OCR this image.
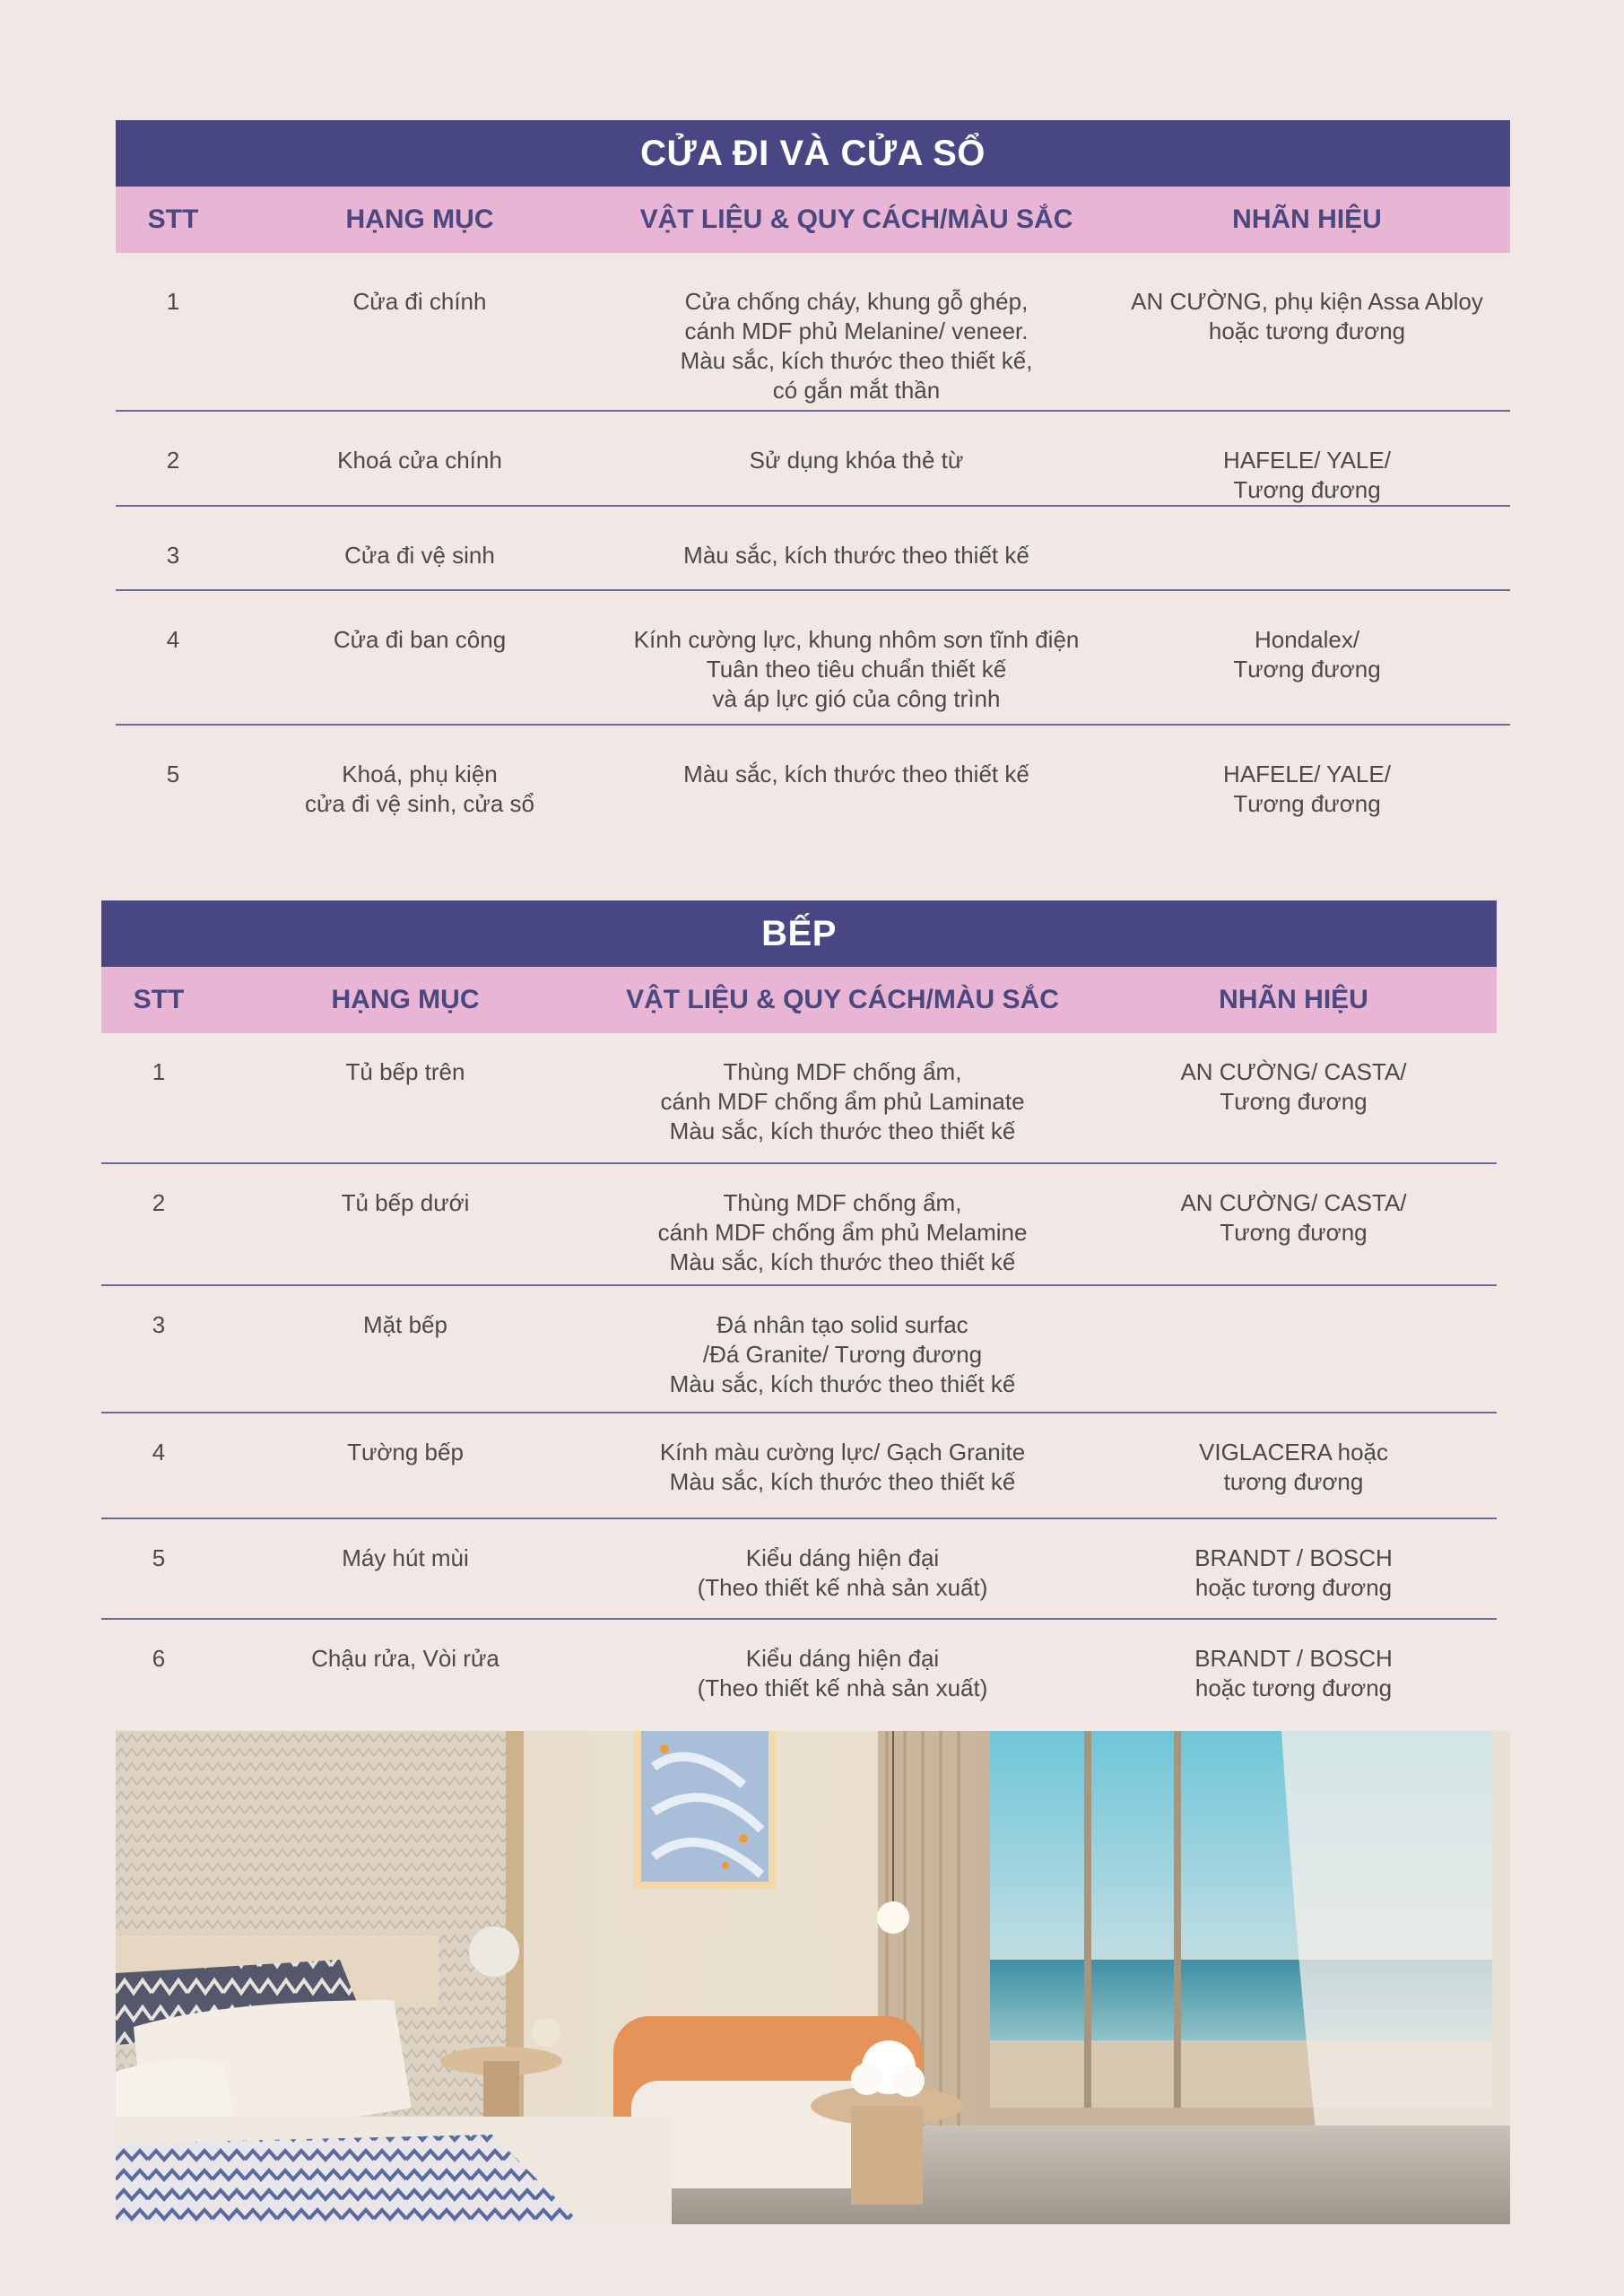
CỬA ĐI VÀ CỬA SỔ			
STT	HẠNG MỤC	VẬT LIỆU & QUY CÁCH/MÀU SẮC	NHÃN HIỆU
1	Cửa đi chính	Cửa chống cháy, khung gỗ ghép,
cánh MDF phủ Melanine/ veneer.
Màu sắc, kích thước theo thiết kế,
có gắn mắt thần	AN CƯỜNG, phụ kiện Assa Abloy
hoặc tương đương
2	Khoá cửa chính	Sử dụng khóa thẻ từ	HAFELE/ YALE/
Tương đương
3	Cửa đi vệ sinh	Màu sắc, kích thước theo thiết kế	
4	Cửa đi ban công	Kính cường lực, khung nhôm sơn tĩnh điện
Tuân theo tiêu chuẩn thiết kế
và áp lực gió của công trình	Hondalex/
Tương đương
5	Khoá, phụ kiện
cửa đi vệ sinh, cửa sổ	Màu sắc, kích thước theo thiết kế	HAFELE/ YALE/
Tương đương
BẾP			
STT	HẠNG MỤC	VẬT LIỆU & QUY CÁCH/MÀU SẮC	NHÃN HIỆU
1	Tủ bếp trên	Thùng MDF chống ẩm,
cánh MDF chống ẩm phủ Laminate
Màu sắc, kích thước theo thiết kế	AN CƯỜNG/ CASTA/
Tương đương
2	Tủ bếp dưới	Thùng MDF chống ẩm,
cánh MDF chống ẩm phủ Melamine
Màu sắc, kích thước theo thiết kế	AN CƯỜNG/ CASTA/
Tương đương
3	Mặt bếp	Đá nhân tạo solid surfac
/Đá Granite/ Tương đương
Màu sắc, kích thước theo thiết kế	
4	Tường bếp	Kính màu cường lực/ Gạch Granite
Màu sắc, kích thước theo thiết kế	VIGLACERA hoặc
tương đương
5	Máy hút mùi	Kiểu dáng hiện đại
(Theo thiết kế nhà sản xuất)	BRANDT / BOSCH
hoặc tương đương
6	Chậu rửa, Vòi rửa	Kiểu dáng hiện đại
(Theo thiết kế nhà sản xuất)	BRANDT / BOSCH
hoặc tương đương
